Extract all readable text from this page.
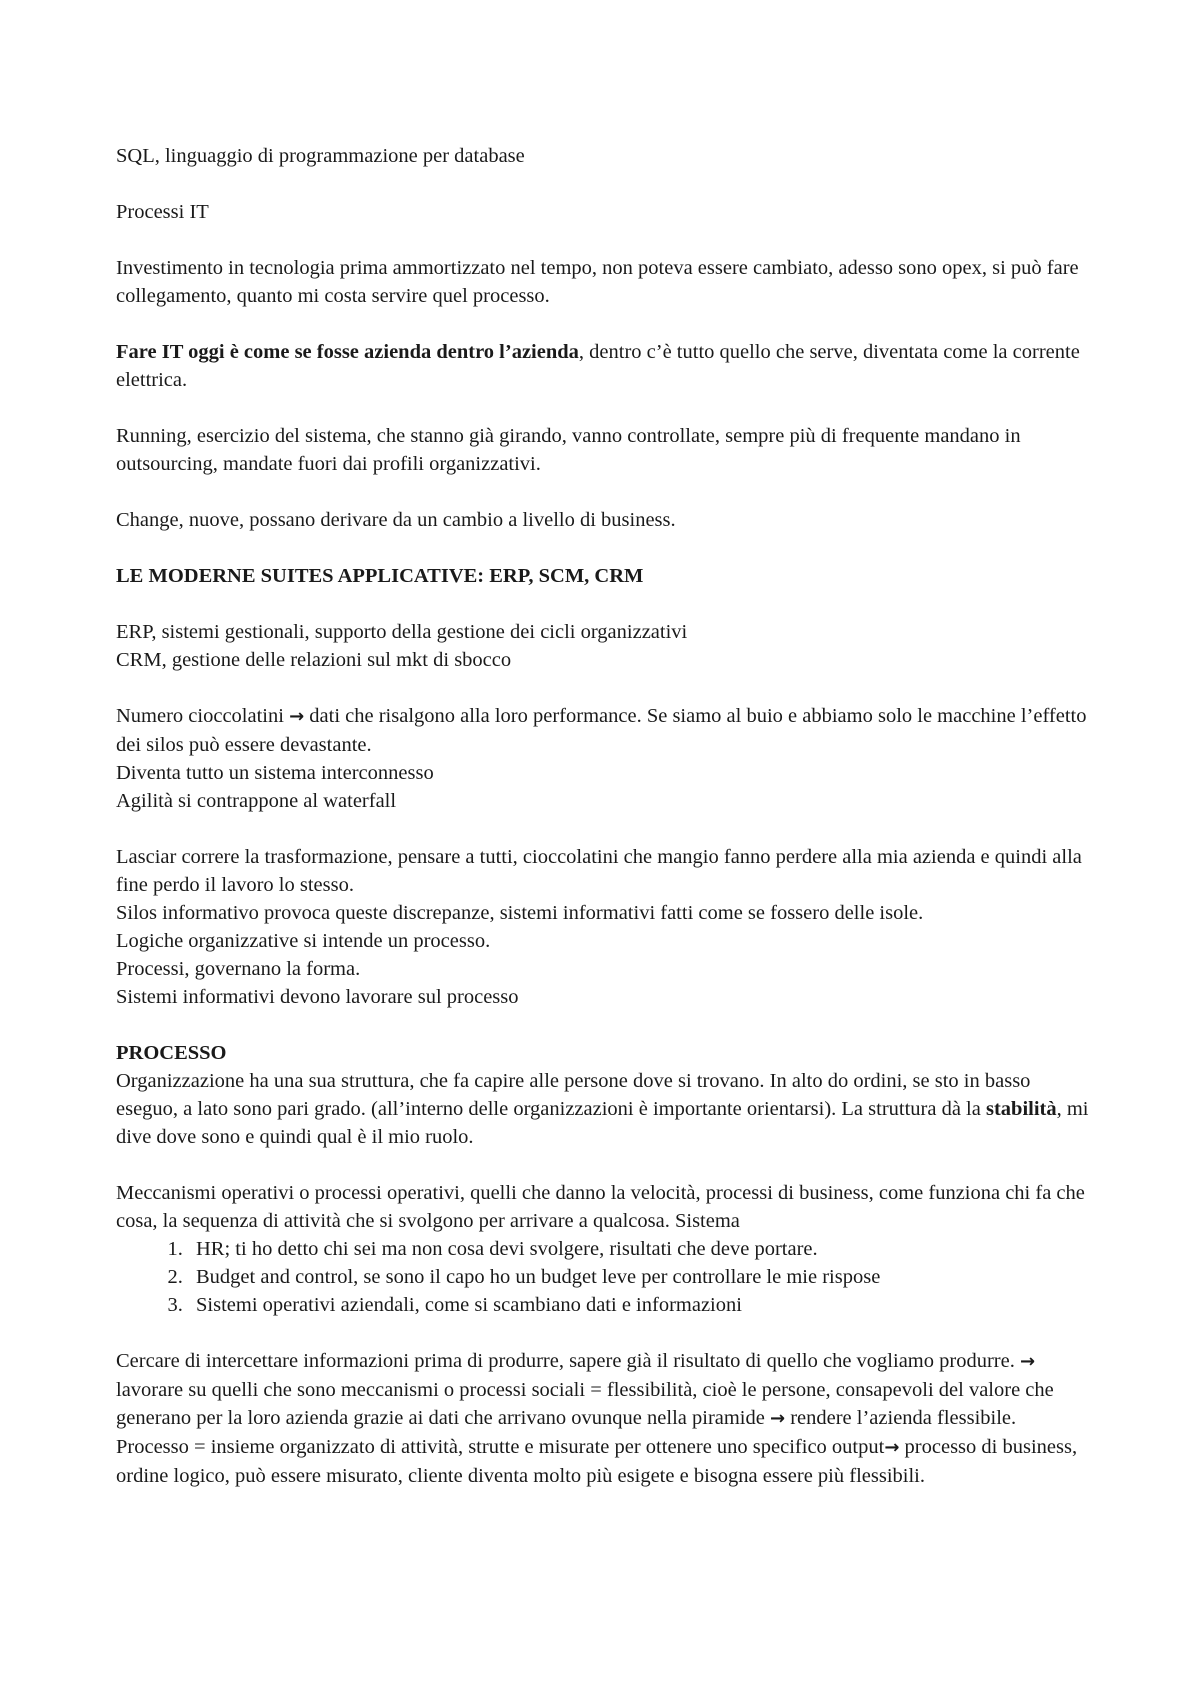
SQL, linguaggio di programmazione per database

Processi IT

Investimento in tecnologia prima ammortizzato nel tempo, non poteva essere cambiato, adesso sono opex, si può fare collegamento, quanto mi costa servire quel processo.

Fare IT oggi è come se fosse azienda dentro l’azienda, dentro c’è tutto quello che serve, diventata come la corrente elettrica.

Running, esercizio del sistema, che stanno già girando, vanno controllate, sempre più di frequente mandano in outsourcing, mandate fuori dai profili organizzativi.

Change, nuove, possano derivare da un cambio a livello di business.

LE MODERNE SUITES APPLICATIVE: ERP, SCM, CRM

ERP, sistemi gestionali, supporto della gestione dei cicli organizzativi

CRM, gestione delle relazioni sul mkt di sbocco

Numero cioccolatini → dati che risalgono alla loro performance. Se siamo al buio e abbiamo solo le macchine l’effetto dei silos può essere devastante.

Diventa tutto un sistema interconnesso

Agilità si contrappone al waterfall

Lasciar correre la trasformazione, pensare a tutti, cioccolatini che mangio fanno perdere alla mia azienda e quindi alla fine perdo il lavoro lo stesso.

Silos informativo provoca queste discrepanze, sistemi informativi fatti come se fossero delle isole.

Logiche organizzative si intende un processo.

Processi, governano la forma.

Sistemi informativi devono lavorare sul processo

PROCESSO

Organizzazione ha una sua struttura, che fa capire alle persone dove si trovano. In alto do ordini, se sto in basso eseguo, a lato sono pari grado. (all’interno delle organizzazioni è importante orientarsi). La struttura dà la stabilità, mi dive dove sono e quindi qual è il mio ruolo.

Meccanismi operativi o processi operativi, quelli che danno la velocità, processi di business, come funziona chi fa che cosa, la sequenza di attività che si svolgono per arrivare a qualcosa. Sistema

1. HR; ti ho detto chi sei ma non cosa devi svolgere, risultati che deve portare.
2. Budget and control, se sono il capo ho un budget leve per controllare le mie rispose
3. Sistemi operativi aziendali, come si scambiano dati e informazioni

Cercare di intercettare informazioni prima di produrre, sapere già il risultato di quello che vogliamo produrre. → lavorare su quelli che sono meccanismi o processi sociali = flessibilità, cioè le persone, consapevoli del valore che generano per la loro azienda grazie ai dati che arrivano ovunque nella piramide → rendere l’azienda flessibile.

Processo = insieme organizzato di attività, strutte e misurate per ottenere uno specifico output→ processo di business, ordine logico, può essere misurato, cliente diventa molto più esigete e bisogna essere più flessibili.
